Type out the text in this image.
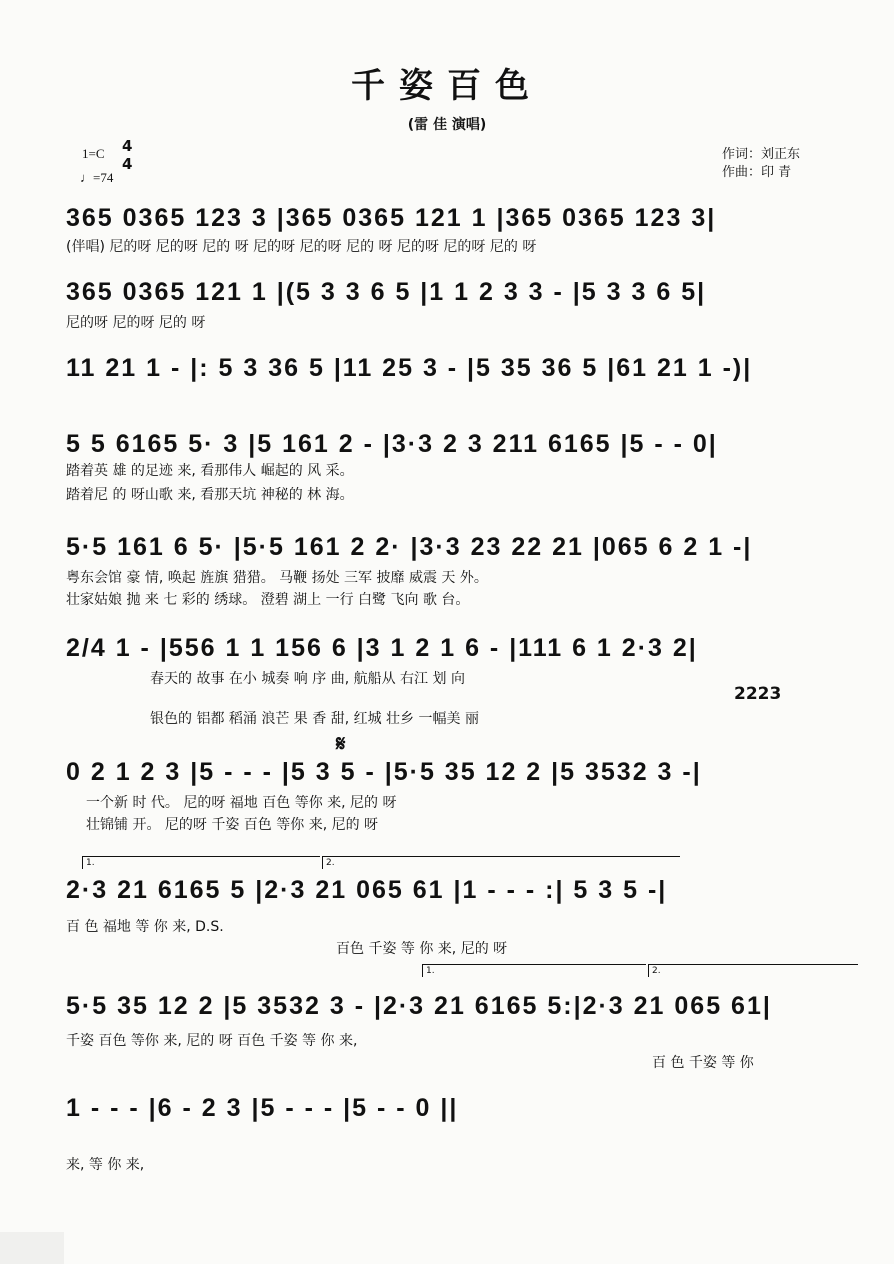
千姿百色
(雷 佳 演唱)
1=C 4
4
♩=74
作词：刘正东
作曲：印 青
365 0365 123 3 |365 0365 121 1 |365 0365 123 3|
(伴唱) 尼的呀 尼的呀 尼的 呀 尼的呀 尼的呀 尼的 呀 尼的呀 尼的呀 尼的 呀
365 0365 121 1 |(5 3 3 6 5 |1 1 2 3 3 - |5 3 3 6 5|
尼的呀 尼的呀 尼的 呀
11 21 1 - |: 5 3 36 5 |11 25 3 - |5 35 36 5 |61 21 1 -)|
5 5 6165 5· 3 |5 161 2 - |3·3 2 3 211 6165 |5 - - 0|
踏着英 雄 的足迹 来, 看那伟人 崛起的 风 采。
踏着尼 的 呀山歌 来, 看那天坑 神秘的 林 海。
5·5 161 6 5· |5·5 161 2 2· |3·3 23 22 21 |065 6 2 1 -|
粤东会馆 豪 情, 唤起 旌旗 猎猎。 马鞭 扬处 三军 披靡 威震 天 外。
壮家姑娘 抛 来 七 彩的 绣球。 澄碧 湖上 一行 白鹭 飞向 歌 台。
2/4 1 - |556 1 1 156 6 |3 1 2 1 6 - |111 6 1 2·3 2|
春天的 故事 在小 城奏 响 序 曲, 航船从 右江 划 向
2223
银色的 铝都 稻涌 浪芒 果 香 甜, 红城 壮乡 一幅美 丽
𝄋
0 2 1 2 3 |5 - - - |5 3 5 - |5·5 35 12 2 |5 3532 3 -|
一个新 时 代。 尼的呀 福地 百色 等你 来, 尼的 呀
壮锦铺 开。 尼的呀 千姿 百色 等你 来, 尼的 呀
1.	2.
2·3 21 6165 5 |2·3 21 065 61 |1 - - - :| 5 3 5 -|
百 色 福地 等 你 来, D.S.
百色 千姿 等 你 来, 尼的 呀
1.	2.
5·5 35 12 2 |5 3532 3 - |2·3 21 6165 5:|2·3 21 065 61|
千姿 百色 等你 来, 尼的 呀 百色 千姿 等 你 来,
百 色 千姿 等 你
1 - - - |6 - 2 3 |5 - - - |5 - - 0 ||
来, 等 你 来,
